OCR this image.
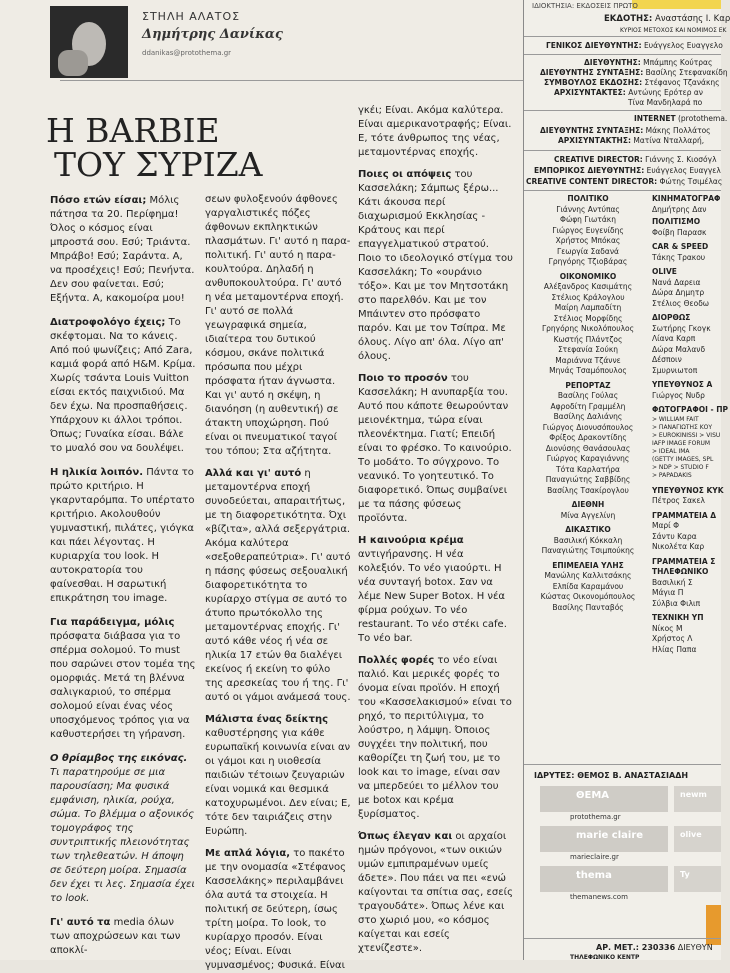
ΣΤΗΛΗ ΑΛΑΤΟΣ
Δημήτρης Δανίκας
ddanikas@protothema.gr
Η BARBIE
ΤΟΥ ΣΥΡΙΖΑ

Πόσο ετών είσαι; Μόλις πάτησα τα 20. Περίφημα! Όλος ο κόσμος είναι μπροστά σου. Εσύ; Τριάντα. Μπράβο! Εσύ; Σαράντα. Α, να προσέχεις! Εσύ; Πενήντα. Δεν σου φαίνεται. Εσύ; Εξήντα. Α, κακομοίρα μου!

Διατροφολόγο έχεις; Το σκέφτομαι. Να το κάνεις. Από πού ψωνίζεις; Από Zara, καμιά φορά από H&M. Κρίμα. Χωρίς τσάντα Louis Vuitton είσαι εκτός παιχνιδιού. Μα δεν έχω. Να προσπαθήσεις. Υπάρχουν κι άλλοι τρόποι. Όπως; Γυναίκα είσαι. Βάλε το μυαλό σου να δουλέψει.

Η ηλικία λοιπόν. Πάντα το πρώτο κριτήριο. Η γκαρνταρόμπα. Το υπέρτατο κριτήριο. Ακολουθούν γυμναστική, πιλάτες, γιόγκα και πάει λέγοντας. Η κυριαρχία του look. Η αυτοκρατορία του φαίνεσθαι. Η σαρωτική επικράτηση του image.

Για παράδειγμα, μόλις πρόσφατα διάβασα για το σπέρμα σολομού. Το must που σαρώνει στον τομέα της ομορφιάς. Μετά τη βλέννα σαλιγκαριού, το σπέρμα σολομού είναι ένας νέος υποσχόμενος τρόπος για να καθυστερήσει τη γήρανση.

Ο θρίαμβος της εικόνας. Τι παρατηρούμε σε μια παρουσίαση; Μα φυσικά εμφάνιση, ηλικία, ρούχα, σώμα. Το βλέμμα ο αξονικός τομογράφος της συντριπτικής πλειονότητας των τηλεθεατών. Η άποψη σε δεύτερη μοίρα. Σημασία δεν έχει τι λες. Σημασία έχει το look.

Γι' αυτό τα media όλων των αποχρώσεων και των αποκλί-

σεων φυλοξενούν άφθονες γαργαλιστικές πόζες άφθονων εκπληκτικών πλασμάτων. Γι' αυτό η παρα-πολιτική. Γι' αυτό η παρα-κουλτούρα. Δηλαδή η ανθυποκουλτούρα. Γι' αυτό η νέα μεταμοντέρνα εποχή. Γι' αυτό σε πολλά γεωγραφικά σημεία, ιδιαίτερα του δυτικού κόσμου, σκάνε πολιτικά πρόσωπα που μέχρι πρόσφατα ήταν άγνωστα. Και γι' αυτό η σκέψη, η διανόηση (η αυθεντική) σε άτακτη υποχώρηση. Πού είναι οι πνευματικοί ταγοί του τόπου; Στα αζήτητα.

Αλλά και γι' αυτό η μεταμοντέρνα εποχή συνοδεύεται, απαραιτήτως, με τη διαφορετικότητα. Όχι «βίζιτα», αλλά σεξεργάτρια. Ακόμα καλύτερα «σεξοθεραπεύτρια». Γι' αυτό η πάσης φύσεως σεξουαλική διαφορετικότητα το κυρίαρχο στίγμα σε αυτό το άτυπο πρωτόκολλο της μεταμοντέρνας εποχής. Γι' αυτό κάθε νέος ή νέα σε ηλικία 17 ετών θα διαλέγει εκείνος ή εκείνη το φύλο της αρεσκείας του ή της. Γι' αυτό οι γάμοι ανάμεσά τους.

Μάλιστα ένας δείκτης καθυστέρησης για κάθε ευρωπαϊκή κοινωνία είναι αν οι γάμοι και η υιοθεσία παιδιών τέτοιων ζευγαριών είναι νομικά και θεσμικά κατοχυρωμένοι. Δεν είναι; Ε, τότε δεν ταιριάζεις στην Ευρώπη.

Με απλά λόγια, το πακέτο με την ονομασία «Στέφανος Κασσελάκης» περιλαμβάνει όλα αυτά τα στοιχεία. Η πολιτική σε δεύτερη, ίσως τρίτη μοίρα. Το look, το κυρίαρχο προσόν. Είναι νέος; Είναι. Είναι γυμνασμένος; Φυσικά. Είναι

γκέι; Είναι. Ακόμα καλύτερα. Είναι αμερικανοτραφής; Είναι. Ε, τότε άνθρωπος της νέας, μεταμοντέρνας εποχής.

Ποιες οι απόψεις του Κασσελάκη; Σάμπως ξέρω... Κάτι άκουσα περί διαχωρισμού Εκκλησίας - Κράτους και περί επαγγελματικού στρατού. Ποιο το ιδεολογικό στίγμα του Κασσελάκη; Το «ουράνιο τόξο». Και με τον Μητσοτάκη στο παρελθόν. Και με τον Μπάιντεν στο πρόσφατο παρόν. Και με τον Τσίπρα. Με όλους. Λίγο απ' όλα. Λίγο απ' όλους.

Ποιο το προσόν του Κασσελάκη; Η ανυπαρξία του. Αυτό που κάποτε θεωρούνταν μειονέκτημα, τώρα είναι πλεονέκτημα. Γιατί; Επειδή είναι το φρέσκο. Το καινούριο. Το μοδάτο. Το σύγχρονο. Το νεανικό. Το γοητευτικό. Το διαφορετικό. Όπως συμβαίνει με τα πάσης φύσεως προϊόντα.

Η καινούρια κρέμα αντιγήρανσης. Η νέα κολεξιόν. Το νέο γιαούρτι. Η νέα συνταγή botox. Σαν να λέμε New Super Botox. Η νέα φίρμα ρούχων. Το νέο restaurant. Το νέο στέκι cafe. Το νέο bar.

Πολλές φορές το νέο είναι παλιό. Και μερικές φορές το όνομα είναι προϊόν. Η εποχή του «Κασσελακισμού» είναι το ρηχό, το περιτύλιγμα, το λούστρο, η λάμψη. Όποιος συγχέει την πολιτική, που καθορίζει τη ζωή του, με το look και το image, είναι σαν να μπερδεύει το μέλλον του με botox και κρέμα ξυρίσματος.

Όπως έλεγαν και οι αρχαίοι ημών πρόγονοι, «των οικιών υμών εμπιπραμένων υμείς άδετε». Που πάει να πει «ενώ καίγονται τα σπίτια σας, εσείς τραγουδάτε». Όπως λένε και στο χωριό μου, «ο κόσμος καίγεται και εσείς χτενίζεστε».

ΙΔΙΟΚΤΗΣΙΑ: ΕΚΔΟΣΕΙΣ ΠΡΩΤΟ
ΕΚΔΟΤΗΣ: Αναστάσης Ι. Καρ
ΚΥΡΙΟΣ ΜΕΤΟΧΟΣ ΚΑΙ ΝΟΜΙΜΟΣ ΕΚ
ΓΕΝΙΚΟΣ ΔΙΕΥΘΥΝΤΗΣ: Ευάγγελος Ευαγγελο
ΔΙΕΥΘΥΝΤΗΣ: Μπάμπης Κούτρας
ΔΙΕΥΘΥΝΤΗΣ ΣΥΝΤΑΞΗΣ: Βασίλης Στεφανακίδη
ΣΥΜΒΟΥΛΟΣ ΕΚΔΟΣΗΣ: Στέφανος Τζανάκης
ΑΡΧΙΣΥΝΤΑΚΤΕΣ: Αντώνης Ερότερ αν
Τίνα Μανδηλαρά πο
INTERNET (protothema.
ΔΙΕΥΘΥΝΤΗΣ ΣΥΝΤΑΞΗΣ: Μάκης Πολλάτος
ΑΡΧΙΣΥΝΤΑΚΤΗΣ: Ματίνα Νταλλαρή,
CREATIVE DIRECTOR: Γιάννης Σ. Κιοσόγλ
ΕΜΠΟΡΙΚΟΣ ΔΙΕΥΘΥΝΤΗΣ: Ευάγγελος Ευαγγελ
CREATIVE CONTENT DIRECTOR: Φώτης Τσιμέλας
ΠΟΛΙΤΙΚΟ
Γιάννης Αντύπας
Φώφη Γιωτάκη
Γιώργος Ευγενίδης
Χρήστος Μπόκας
Γεωργία Σαδανά
Γρηγόρης Τζιοβάρας
ΟΙΚΟΝΟΜΙΚΟ
Αλέξανδρος Κασιμάτης
Στέλιος Κράλογλου
Μαίρη Λαμπαδίτη
Στέλιος Μορφίδης
Γρηγόρης Νικολόπουλος
Κωστής Πλάντζος
Στεφανία Σούκη
Μαριάννα Τζάννε
Μηνάς Τσαμόπουλος
ΡΕΠΟΡΤΑΖ
Βασίλης Γούλας
Αφροδίτη Γραμμέλη
Βασίλης Δαλιάνης
Γιώργος Διονυσόπουλος
Φρίξος Δρακοντίδης
Διονύσης Θανάσουλας
Γιώργος Καραγιάννης
Τότα Καρλατήρα
Παναγιώτης Σαββίδης
Βασίλης Τσακίρογλου
ΔΙΕΘΝΗ
Μίνα Αγγελίνη
ΔΙΚΑΣΤΙΚΟ
Βασιλική Κόκκαλη
Παναγιώτης Τσιμπούκης
ΕΠΙΜΕΛΕΙΑ ΥΛΗΣ
Μανώλης Καλλιτσάκης
Ελπίδα Καραμάνου
Κώστας Οικονομόπουλος
Βασίλης Πανταβός
ΚΙΝΗΜΑΤΟΓΡΑΦ
Δημήτρης Δαν
ΠΟΛΙΤΙΣΜΟ
Φοίβη Παρασκ
CAR & SPEED
Τάκης Τρακου
OLIVE
Νανά Δαρεια
Δώρα Δημητρ
Στέλιος Θεοδω
ΔΙΟΡΘΩΣ
Σωτήρης Γκογκ
Λίανα Καρπ
Δώρα Μαλανδ
Δέσποιν
Σμυρνιωτοπ
ΥΠΕΥΘΥΝΟΣ Α
Γιώργος Νυδρ
ΦΩΤΟΓΡΑΦΟΙ - ΠΡ
> WILLIAM FAIT
> ΠΑΝΑΓΙΩΤΗΣ ΚΟΥ
> EUROKINISSI > VISU
IAFP IMAGE FORUM
> IDEAL IMA
(GETTY IMAGES, SPL
> NDP > STUDIO F
> PAPADAKIS
ΥΠΕΥΘΥΝΟΣ ΚΥΚ
Πέτρος Σακελ
ΓΡΑΜΜΑΤΕΙΑ Δ
Μαρί Φ
Σάντυ Καρα
Νικολέτα Καρ
ΓΡΑΜΜΑΤΕΙΑ Σ
ΤΗΛΕΦΩΝΙΚΟ
Βασιλική Σ
Μάγια Π
Σύλβια Φιλιπ
ΤΕΧΝΙΚΗ ΥΠ
Νίκος Μ
Χρήστος Λ
Ηλίας Παπα
ΙΔΡΥΤΕΣ: ΘΕΜΟΣ Β. ΑΝΑΣΤΑΣΙΑΔΗ
ΘΕΜΑ
protothema.gr
newm
marie claire
marieclaire.gr
olive
thema
themanews.com
Ty
ΑΡ. ΜΕΤ.: 230336 ΔΙΕΥΘΥΝ
ΤΗΛΕΦΩΝΙΚΟ ΚΕΝΤΡ
